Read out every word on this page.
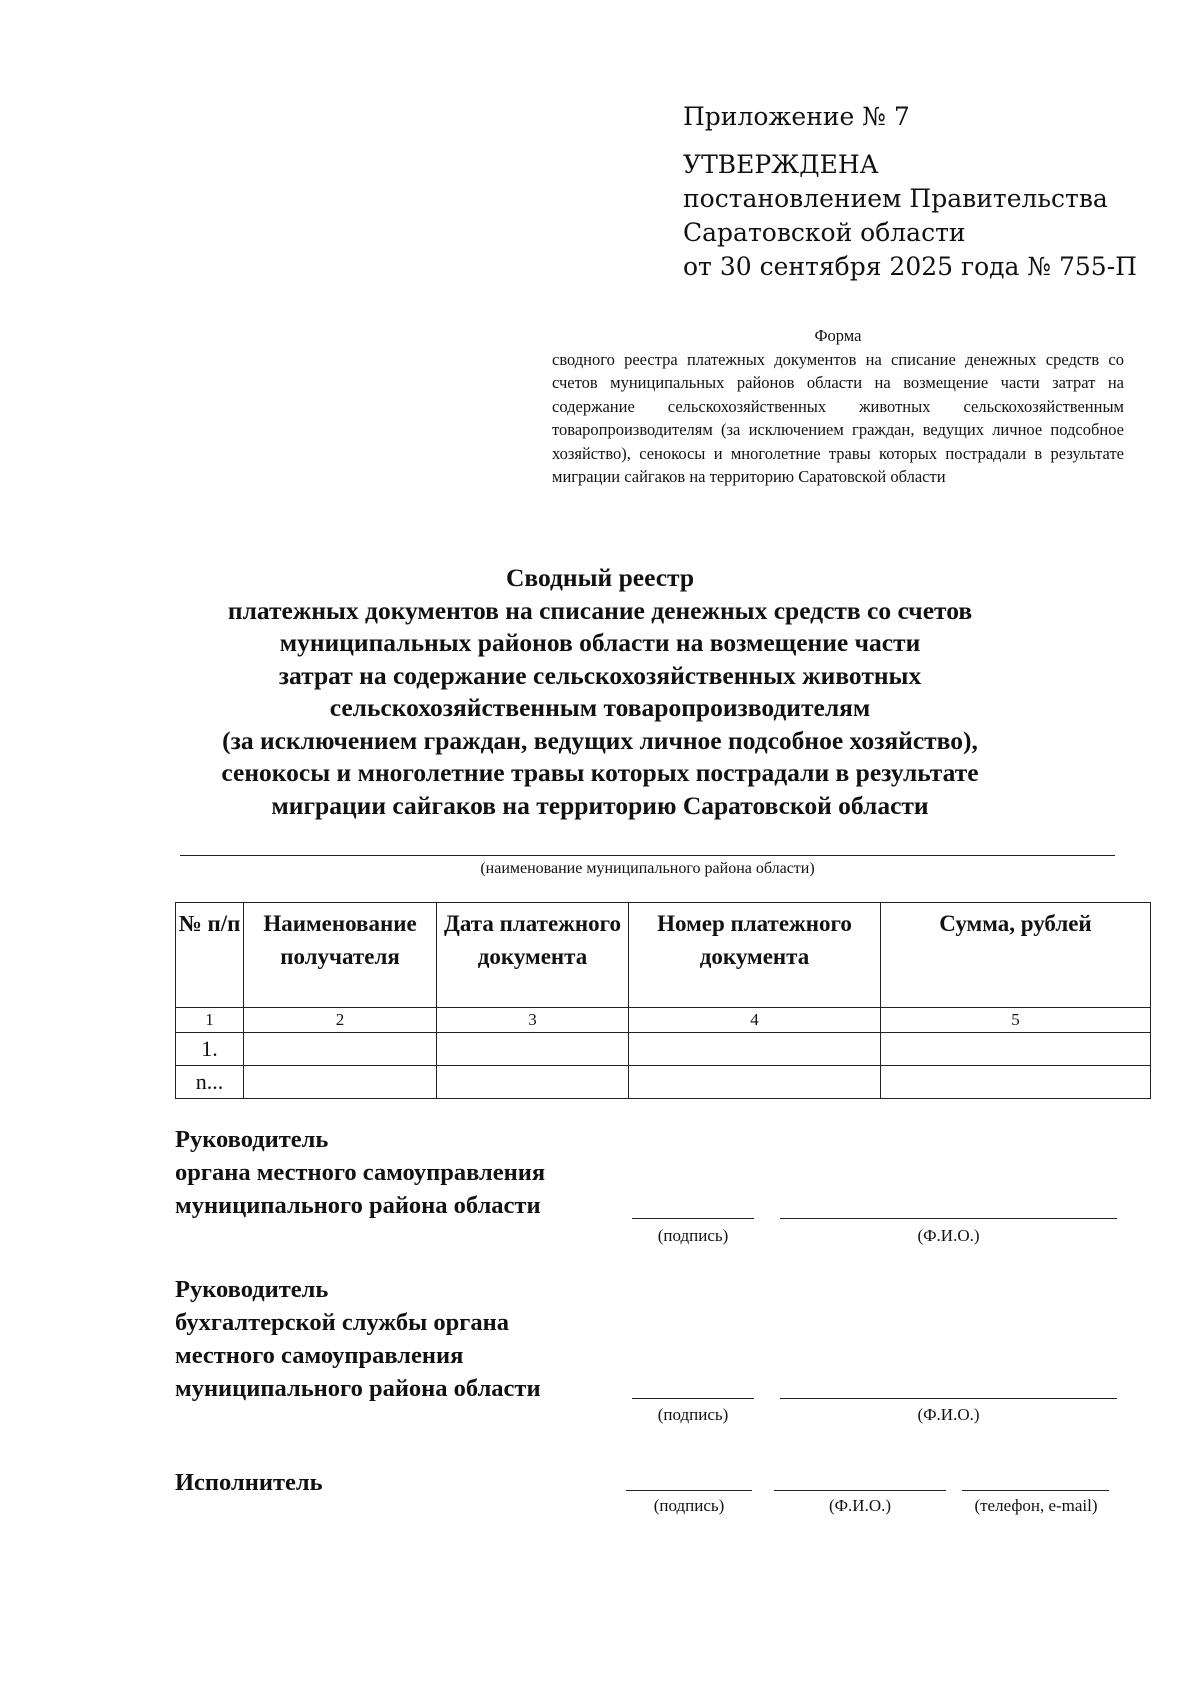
Приложение № 7
УТВЕРЖДЕНА
постановлением Правительства
Саратовской области
от 30 сентября 2025 года № 755-П
Форма
сводного реестра платежных документов на списание денежных средств со счетов муниципальных районов области на возмещение части затрат на содержание сельскохозяйственных животных сельскохозяйственным товаропроизводителям (за исключением граждан, ведущих личное подсобное хозяйство), сенокосы и многолетние травы которых пострадали в результате миграции сайгаков на территорию Саратовской области
Сводный реестр
платежных документов на списание денежных средств со счетов
муниципальных районов области на возмещение части
затрат на содержание сельскохозяйственных животных
сельскохозяйственным товаропроизводителям
(за исключением граждан, ведущих личное подсобное хозяйство),
сенокосы и многолетние травы которых пострадали в результате
миграции сайгаков на территорию Саратовской области
(наименование муниципального района области)
№ п/п	Наименование получателя	Дата платежного документа	Номер платежного документа	Сумма, рублей
1	2	3	4	5
1.				
n...				
Руководитель
органа местного самоуправления
муниципального района области
(подпись)	(Ф.И.О.)
Руководитель
бухгалтерской службы органа
местного самоуправления
муниципального района области
(подпись)	(Ф.И.О.)
Исполнитель
(подпись)	(Ф.И.О.)	(телефон, e-mail)
